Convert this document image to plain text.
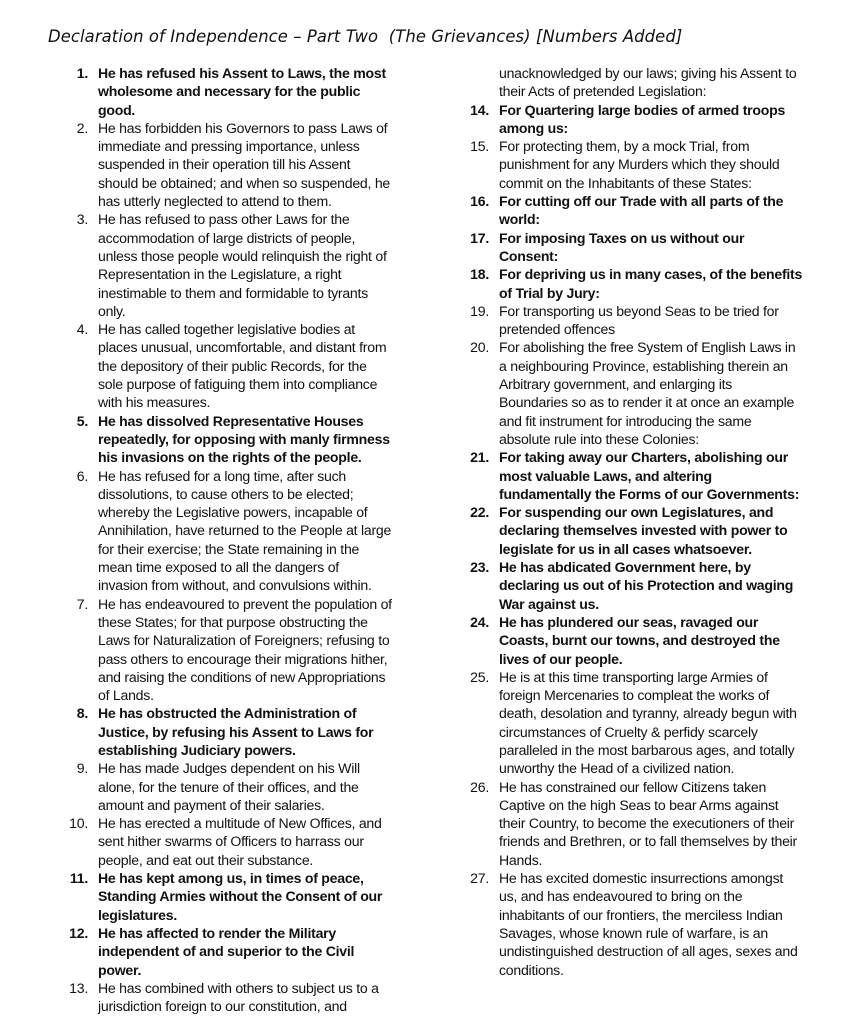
Declaration of Independence – Part Two  (The Grievances) [Numbers Added]
1. He has refused his Assent to Laws, the most wholesome and necessary for the public good.
2. He has forbidden his Governors to pass Laws of immediate and pressing importance, unless suspended in their operation till his Assent should be obtained; and when so suspended, he has utterly neglected to attend to them.
3. He has refused to pass other Laws for the accommodation of large districts of people, unless those people would relinquish the right of Representation in the Legislature, a right inestimable to them and formidable to tyrants only.
4. He has called together legislative bodies at places unusual, uncomfortable, and distant from the depository of their public Records, for the sole purpose of fatiguing them into compliance with his measures.
5. He has dissolved Representative Houses repeatedly, for opposing with manly firmness his invasions on the rights of the people.
6. He has refused for a long time, after such dissolutions, to cause others to be elected; whereby the Legislative powers, incapable of Annihilation, have returned to the People at large for their exercise; the State remaining in the mean time exposed to all the dangers of invasion from without, and convulsions within.
7. He has endeavoured to prevent the population of these States; for that purpose obstructing the Laws for Naturalization of Foreigners; refusing to pass others to encourage their migrations hither, and raising the conditions of new Appropriations of Lands.
8. He has obstructed the Administration of Justice, by refusing his Assent to Laws for establishing Judiciary powers.
9. He has made Judges dependent on his Will alone, for the tenure of their offices, and the amount and payment of their salaries.
10. He has erected a multitude of New Offices, and sent hither swarms of Officers to harrass our people, and eat out their substance.
11. He has kept among us, in times of peace, Standing Armies without the Consent of our legislatures.
12. He has affected to render the Military independent of and superior to the Civil power.
13. He has combined with others to subject us to a jurisdiction foreign to our constitution, and
unacknowledged by our laws; giving his Assent to their Acts of pretended Legislation:
14. For Quartering large bodies of armed troops among us:
15. For protecting them, by a mock Trial, from punishment for any Murders which they should commit on the Inhabitants of these States:
16. For cutting off our Trade with all parts of the world:
17. For imposing Taxes on us without our Consent:
18. For depriving us in many cases, of the benefits of Trial by Jury:
19. For transporting us beyond Seas to be tried for pretended offences
20. For abolishing the free System of English Laws in a neighbouring Province, establishing therein an Arbitrary government, and enlarging its Boundaries so as to render it at once an example and fit instrument for introducing the same absolute rule into these Colonies:
21. For taking away our Charters, abolishing our most valuable Laws, and altering fundamentally the Forms of our Governments:
22. For suspending our own Legislatures, and declaring themselves invested with power to legislate for us in all cases whatsoever.
23. He has abdicated Government here, by declaring us out of his Protection and waging War against us.
24. He has plundered our seas, ravaged our Coasts, burnt our towns, and destroyed the lives of our people.
25. He is at this time transporting large Armies of foreign Mercenaries to compleat the works of death, desolation and tyranny, already begun with circumstances of Cruelty & perfidy scarcely paralleled in the most barbarous ages, and totally unworthy the Head of a civilized nation.
26. He has constrained our fellow Citizens taken Captive on the high Seas to bear Arms against their Country, to become the executioners of their friends and Brethren, or to fall themselves by their Hands.
27. He has excited domestic insurrections amongst us, and has endeavoured to bring on the inhabitants of our frontiers, the merciless Indian Savages, whose known rule of warfare, is an undistinguished destruction of all ages, sexes and conditions.
